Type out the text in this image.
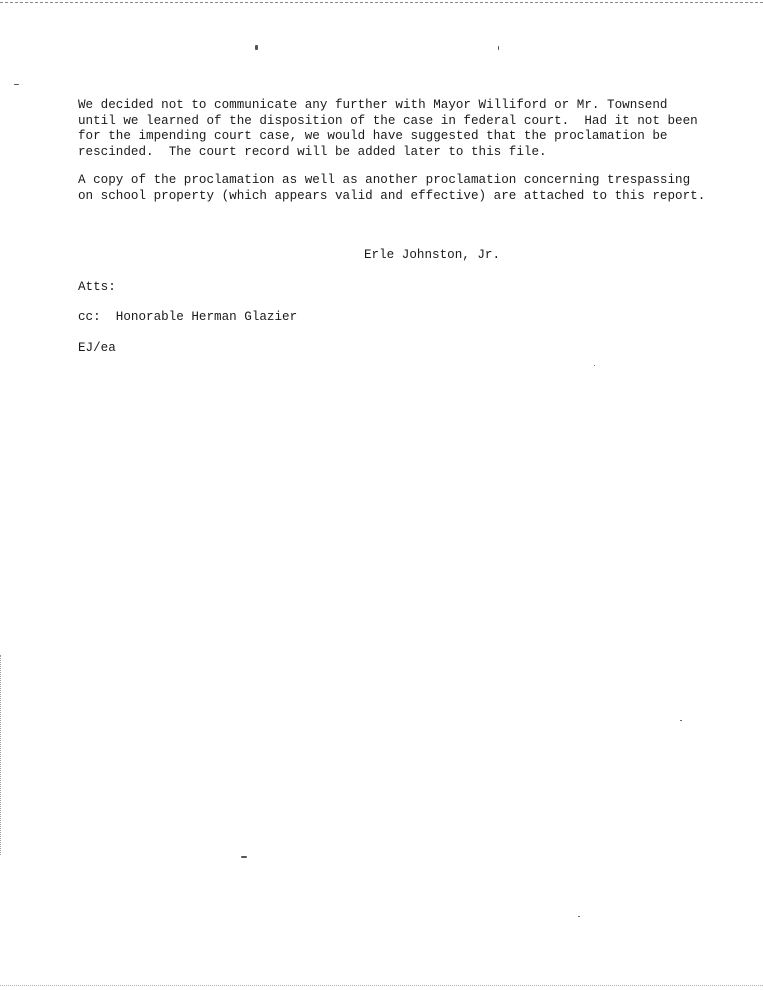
We decided not to communicate any further with Mayor Williford or Mr. Townsend
until we learned of the disposition of the case in federal court.  Had it not been
for the impending court case, we would have suggested that the proclamation be
rescinded.  The court record will be added later to this file.

A copy of the proclamation as well as another proclamation concerning trespassing
on school property (which appears valid and effective) are attached to this report.

Erle Johnston, Jr.

Atts:

cc:  Honorable Herman Glazier

EJ/ea
